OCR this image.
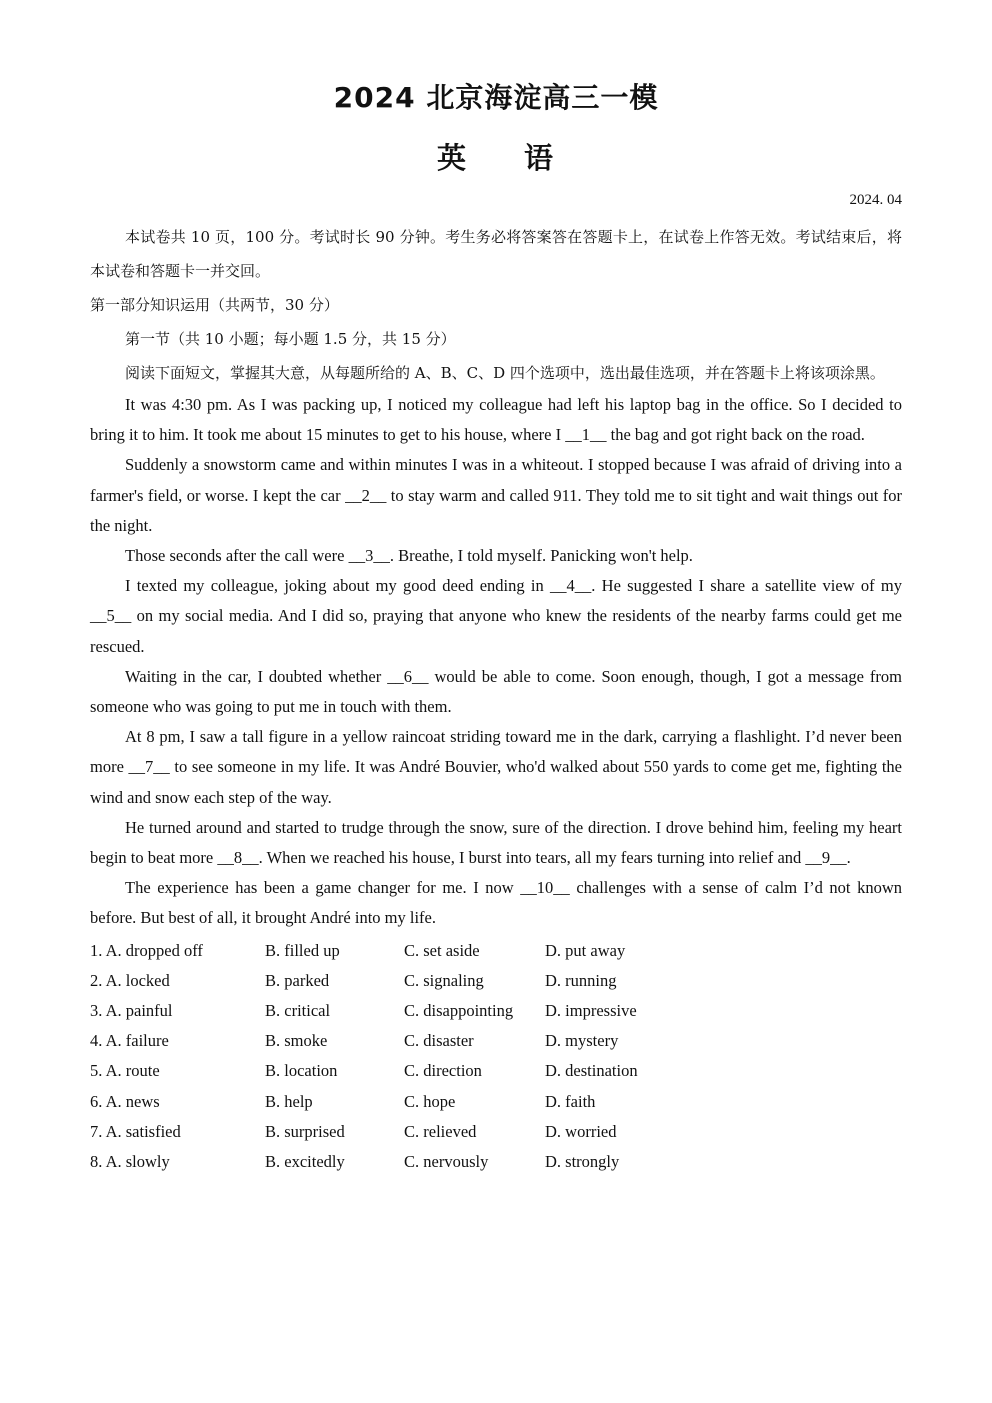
2024 北京海淀高三一模
英 语
2024. 04

本试卷共 10 页，100 分。考试时长 90 分钟。考生务必将答案答在答题卡上，在试卷上作答无效。考试结束后，将本试卷和答题卡一并交回。

第一部分知识运用（共两节，30 分）

第一节（共 10 小题；每小题 1.5 分，共 15 分）

阅读下面短文，掌握其大意，从每题所给的 A、B、C、D 四个选项中，选出最佳选项，并在答题卡上将该项涂黑。

It was 4:30 pm. As I was packing up, I noticed my colleague had left his laptop bag in the office. So I decided to bring it to him. It took me about 15 minutes to get to his house, where I __1__ the bag and got right back on the road.

Suddenly a snowstorm came and within minutes I was in a whiteout. I stopped because I was afraid of driving into a farmer's field, or worse. I kept the car __2__ to stay warm and called 911. They told me to sit tight and wait things out for the night.

Those seconds after the call were __3__. Breathe, I told myself. Panicking won't help.

I texted my colleague, joking about my good deed ending in __4__. He suggested I share a satellite view of my __5__ on my social media. And I did so, praying that anyone who knew the residents of the nearby farms could get me rescued.

Waiting in the car, I doubted whether __6__ would be able to come. Soon enough, though, I got a message from someone who was going to put me in touch with them.

At 8 pm, I saw a tall figure in a yellow raincoat striding toward me in the dark, carrying a flashlight. I’d never been more __7__ to see someone in my life. It was André Bouvier, who'd walked about 550 yards to come get me, fighting the wind and snow each step of the way.

He turned around and started to trudge through the snow, sure of the direction. I drove behind him, feeling my heart begin to beat more __8__. When we reached his house, I burst into tears, all my fears turning into relief and __9__.

The experience has been a game changer for me. I now __10__ challenges with a sense of calm I’d not known before. But best of all, it brought André into my life.

1. A. dropped off	B. filled up	C. set aside	D. put away
2. A. locked	B. parked	C. signaling	D. running
3. A. painful	B. critical	C. disappointing D. impressive
4. A. failure	B. smoke	C. disaster	D. mystery
5. A. route	B. location	C. direction	D. destination
6. A. news	B. help	C. hope	D. faith
7. A. satisfied	B. surprised	C. relieved	D. worried
8. A. slowly	B. excitedly	C. nervously	D. strongly
